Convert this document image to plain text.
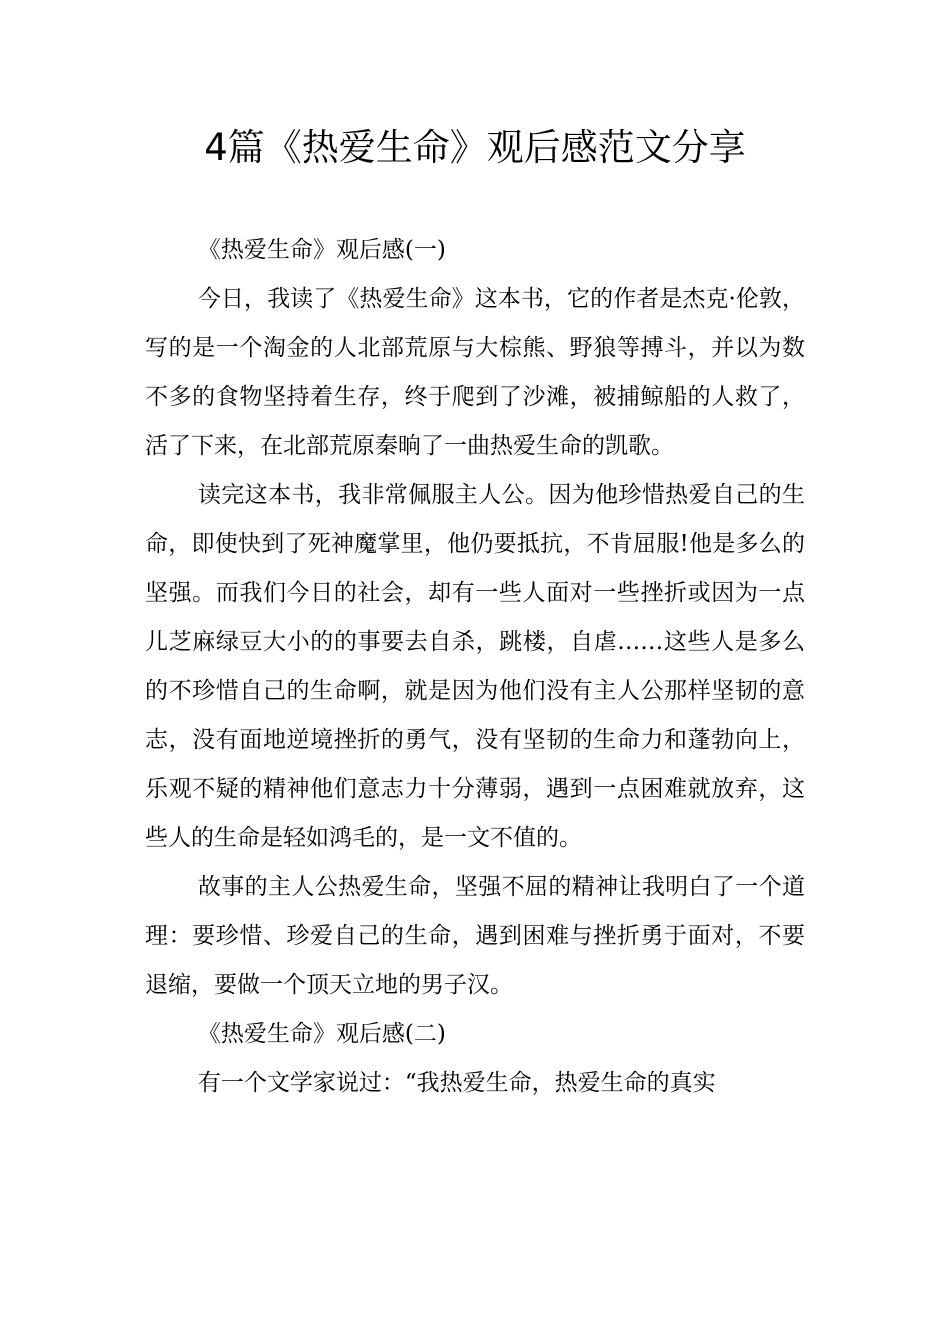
4篇《热爱生命》观后感范文分享

《热爱生命》观后感(一)

今日，我读了《热爱生命》这本书，它的作者是杰克·伦敦，写的是一个淘金的人北部荒原与大棕熊、野狼等搏斗，并以为数不多的食物坚持着生存，终于爬到了沙滩，被捕鲸船的人救了，活了下来，在北部荒原秦晌了一曲热爱生命的凯歌。

读完这本书，我非常佩服主人公。因为他珍惜热爱自己的生命，即使快到了死神魔掌里，他仍要抵抗，不肯屈服!他是多么的坚强。而我们今日的社会，却有一些人面对一些挫折或因为一点儿芝麻绿豆大小的的事要去自杀，跳楼，自虐……这些人是多么的不珍惜自己的生命啊，就是因为他们没有主人公那样坚韧的意志，没有面地逆境挫折的勇气，没有坚韧的生命力和蓬勃向上，乐观不疑的精神他们意志力十分薄弱，遇到一点困难就放弃，这些人的生命是轻如鸿毛的，是一文不值的。

故事的主人公热爱生命，坚强不屈的精神让我明白了一个道理：要珍惜、珍爱自己的生命，遇到困难与挫折勇于面对，不要退缩，要做一个顶天立地的男子汉。

《热爱生命》观后感(二)

有一个文学家说过：“我热爱生命，热爱生命的真实
